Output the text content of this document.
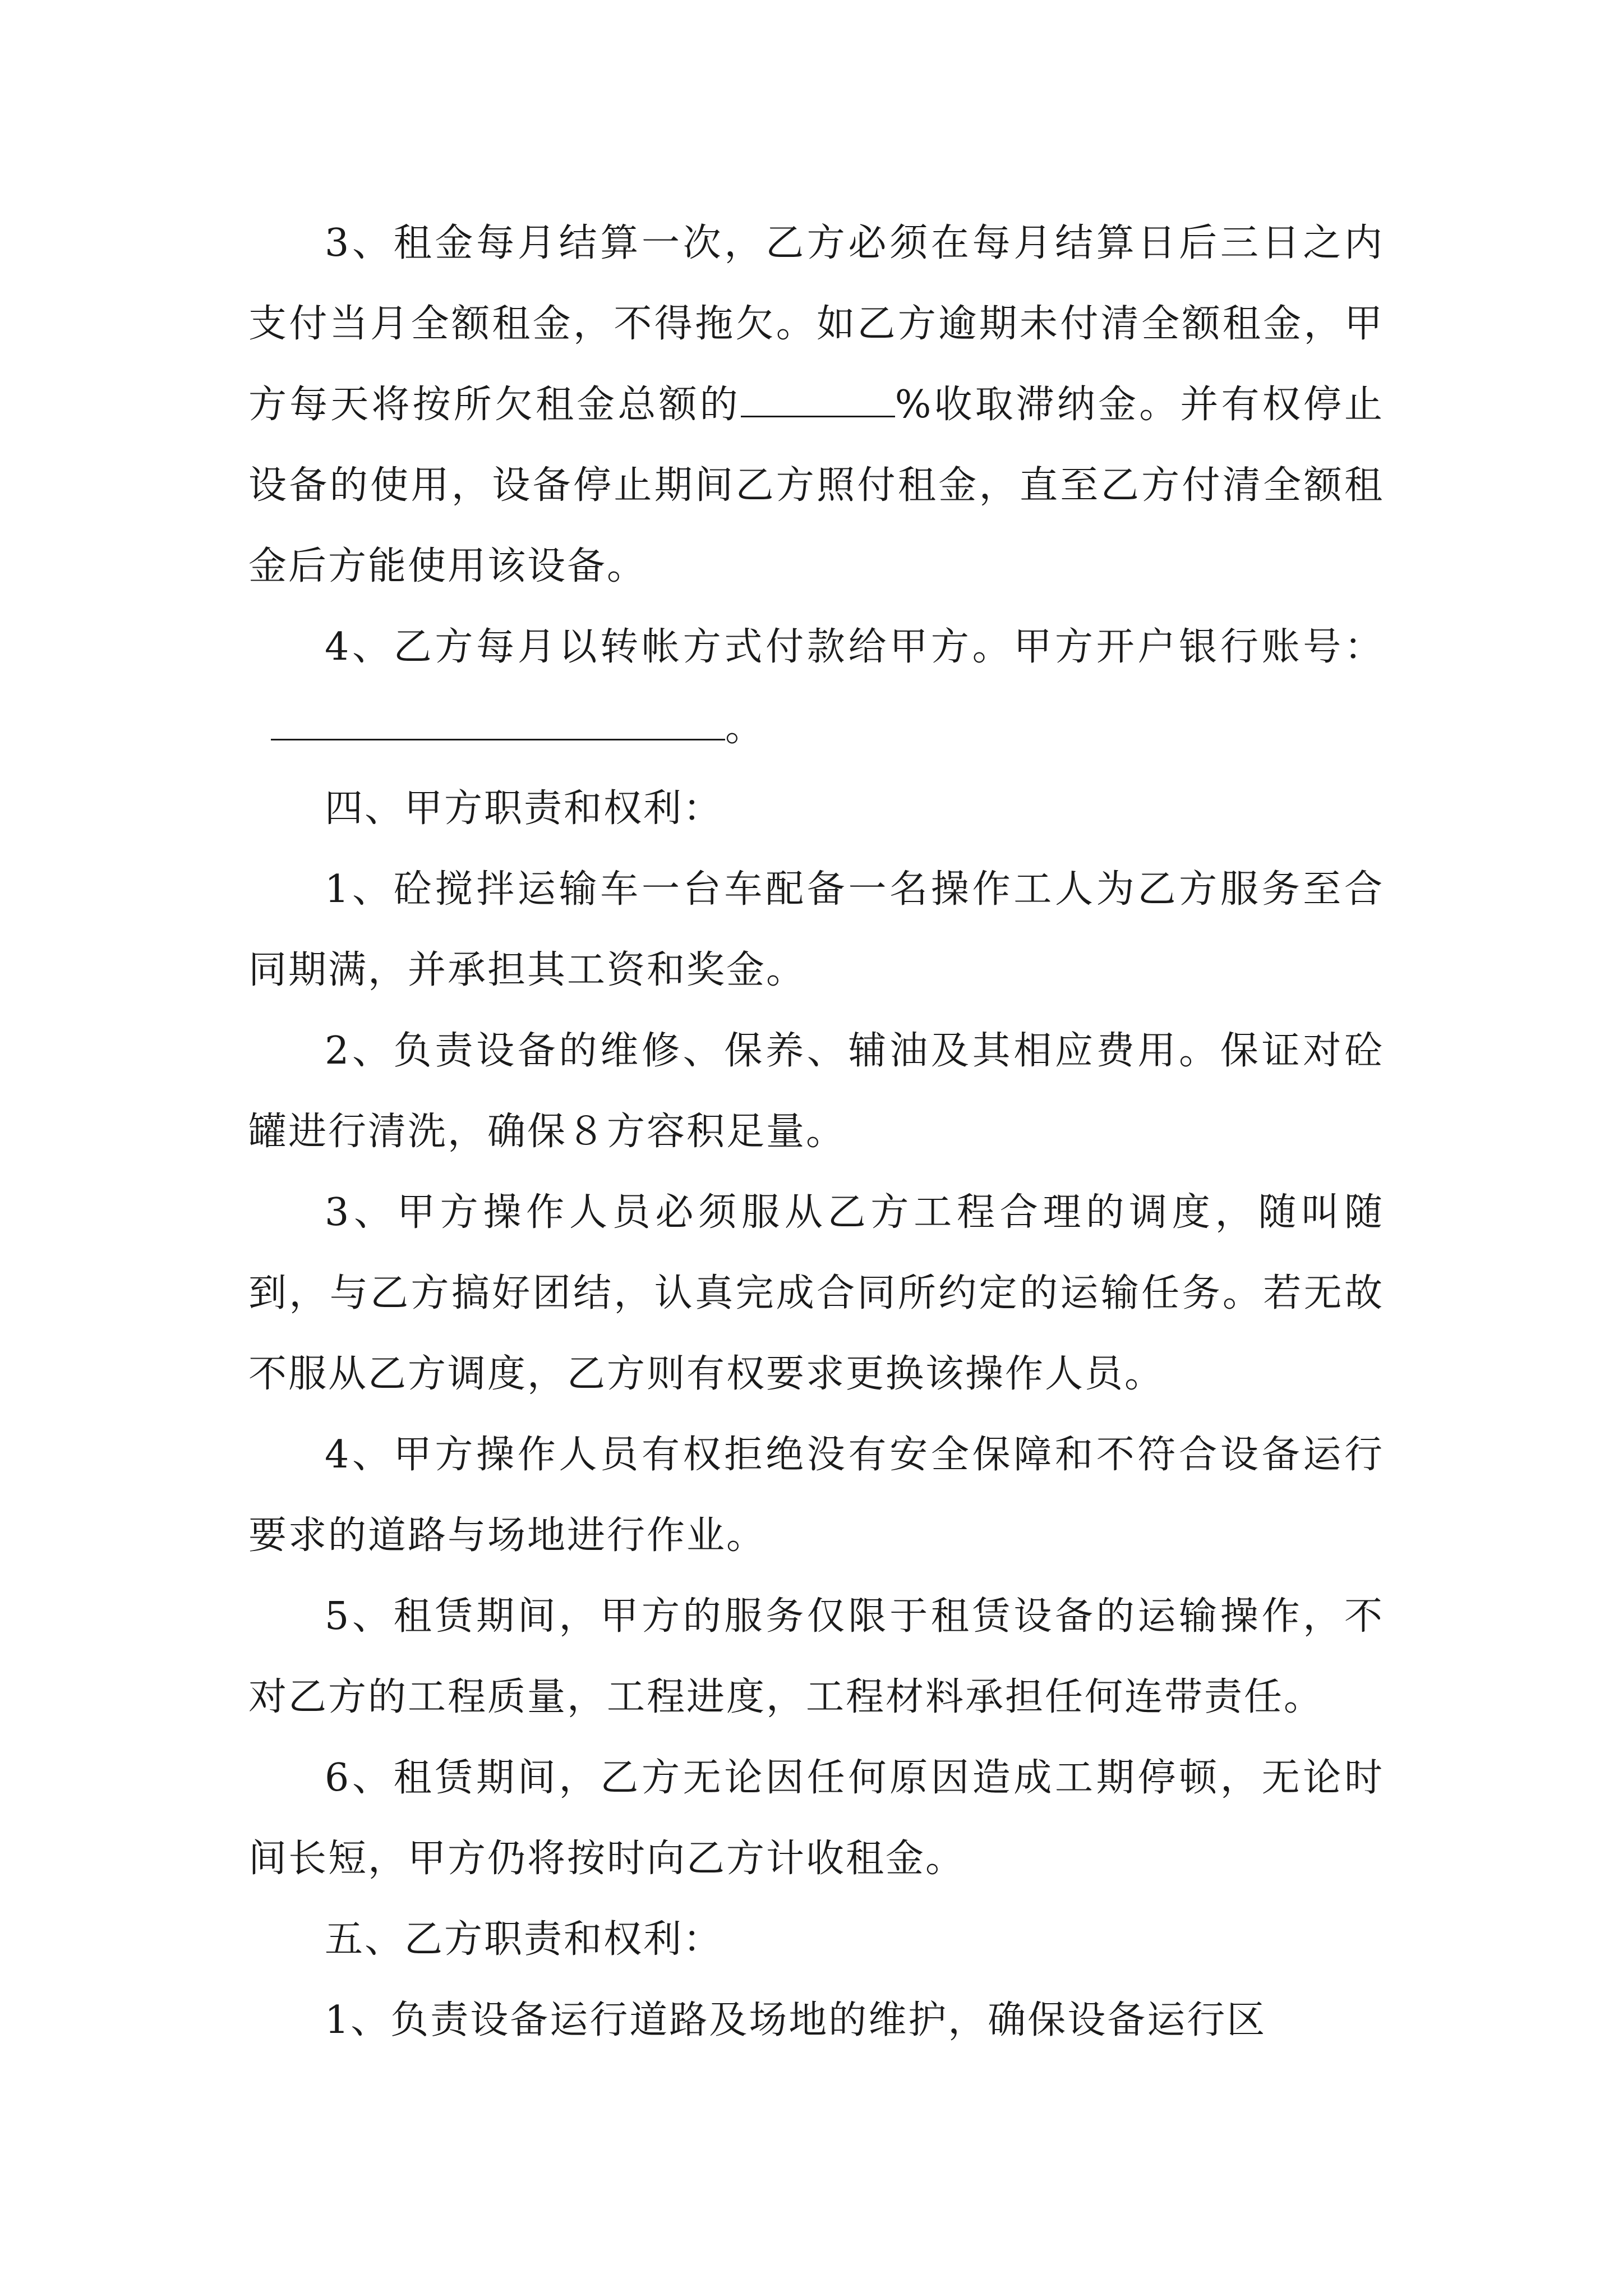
3、租金每月结算一次，乙方必须在每月结算日后三日之内支付当月全额租金，不得拖欠。如乙方逾期未付清全额租金，甲方每天将按所欠租金总额的	%收取滞纳金。并有权停止设备的使用，设备停止期间乙方照付租金，直至乙方付清全额租金后方能使用该设备。

4、乙方每月以转帐方式付款给甲方。甲方开户银行账号：。

四、甲方职责和权利：

1、砼搅拌运输车一台车配备一名操作工人为乙方服务至合同期满，并承担其工资和奖金。

2、负责设备的维修、保养、辅油及其相应费用。保证对砼罐进行清洗，确保８方容积足量。

3、甲方操作人员必须服从乙方工程合理的调度，随叫随到，与乙方搞好团结，认真完成合同所约定的运输任务。若无故不服从乙方调度，乙方则有权要求更换该操作人员。

4、甲方操作人员有权拒绝没有安全保障和不符合设备运行要求的道路与场地进行作业。

5、租赁期间，甲方的服务仅限于租赁设备的运输操作，不对乙方的工程质量，工程进度，工程材料承担任何连带责任。

6、租赁期间，乙方无论因任何原因造成工期停顿，无论时间长短，甲方仍将按时向乙方计收租金。

五、乙方职责和权利：

1、负责设备运行道路及场地的维护，确保设备运行区
